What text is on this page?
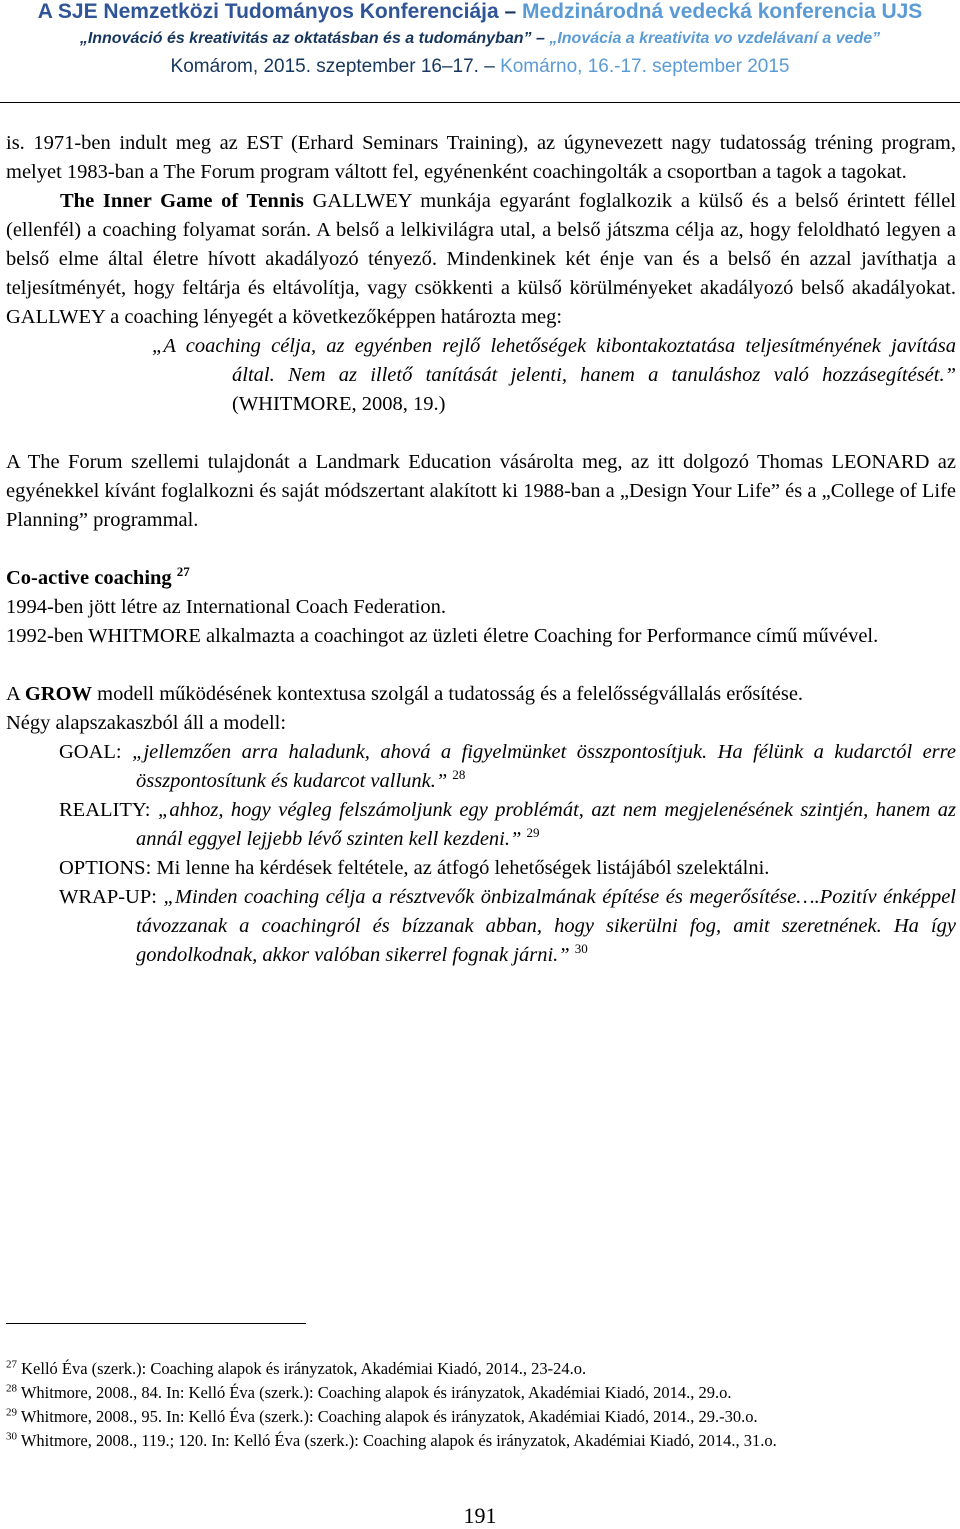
A SJE Nemzetközi Tudományos Konferenciája – Medzinárodná vedecká konferencia UJS
„Innováció és kreativitás az oktatásban és a tudományban” – „Inovácia a kreativita vo vzdelávaní a vede”
Komárom, 2015. szeptember 16–17. – Komárno, 16.-17. september 2015

is. 1971-ben indult meg az EST (Erhard Seminars Training), az úgynevezett nagy tudatosság tréning program, melyet 1983-ban a The Forum program váltott fel, egyénenként coachingolták a csoportban a tagok a tagokat.

The Inner Game of Tennis GALLWEY munkája egyaránt foglalkozik a külső és a belső érintett féllel (ellenfél) a coaching folyamat során. A belső a lelkivilágra utal, a belső játszma célja az, hogy feloldható legyen a belső elme által életre hívott akadályozó tényező. Mindenkinek két énje van és a belső én azzal javíthatja a teljesítményét, hogy feltárja és eltávolítja, vagy csökkenti a külső körülményeket akadályozó belső akadályokat. GALLWEY a coaching lényegét a következőképpen határozta meg:

„A coaching célja, az egyénben rejlő lehetőségek kibontakoztatása teljesítményének javítása által. Nem az illető tanítását jelenti, hanem a tanuláshoz való hozzásegítését.” (WHITMORE, 2008, 19.)

A The Forum szellemi tulajdonát a Landmark Education vásárolta meg, az itt dolgozó Thomas LEONARD az egyénekkel kívánt foglalkozni és saját módszertant alakított ki 1988-ban a „Design Your Life” és a „College of Life Planning” programmal.

Co-active coaching $^{27}$

1994-ben jött létre az International Coach Federation.

1992-ben WHITMORE alkalmazta a coachingot az üzleti életre Coaching for Performance című művével.

A GROW modell működésének kontextusa szolgál a tudatosság és a felelősségvállalás erősítése.

Négy alapszakaszból áll a modell:

GOAL: „jellemzően arra haladunk, ahová a figyelmünket összpontosítjuk. Ha félünk a kudarctól erre összpontosítunk és kudarcot vallunk.” $^{28}$

REALITY: „ahhoz, hogy végleg felszámoljunk egy problémát, azt nem megjelenésének szintjén, hanem az annál eggyel lejjebb lévő szinten kell kezdeni.” $^{29}$

OPTIONS: Mi lenne ha kérdések feltétele, az átfogó lehetőségek listájából szelektálni.

WRAP-UP: „Minden coaching célja a résztvevők önbizalmának építése és megerősítése….Pozitív énképpel távozzanak a coachingról és bízzanak abban, hogy sikerülni fog, amit szeretnének. Ha így gondolkodnak, akkor valóban sikerrel fognak járni.” $^{30}$

$^{27}$ Kelló Éva (szerk.): Coaching alapok és irányzatok, Akadémiai Kiadó, 2014., 23-24.o.

$^{28}$ Whitmore, 2008., 84. In: Kelló Éva (szerk.): Coaching alapok és irányzatok, Akadémiai Kiadó, 2014., 29.o.

$^{29}$ Whitmore, 2008., 95. In: Kelló Éva (szerk.): Coaching alapok és irányzatok, Akadémiai Kiadó, 2014., 29.-30.o.

$^{30}$ Whitmore, 2008., 119.; 120. In: Kelló Éva (szerk.): Coaching alapok és irányzatok, Akadémiai Kiadó, 2014., 31.o.

191
